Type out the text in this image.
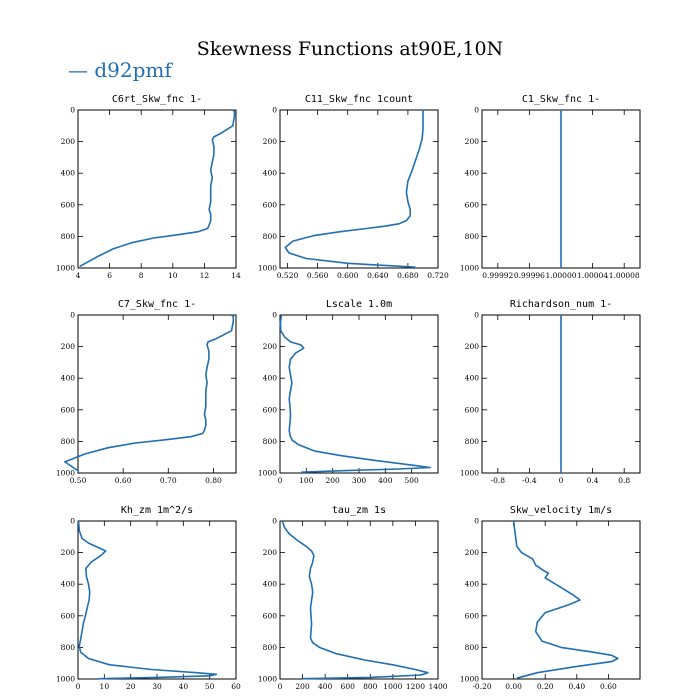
Skewness Functions at90E,10N
— d92pmf
C6rt_Skw_fnc 1-
4	6	8	10	12	14
0
200
400
600
800
1000
C11_Skw_fnc 1count
0.520 0.560 0.600 0.640 0.680 0.720
0
200
400
600
800
1000
C1_Skw_fnc 1-
0.99992 0.99996 1.00000 1.00004 1.00008
0
200
400
600
800
1000
C7_Skw_fnc 1-
0.50	0.60	0.70	0.80
0
200
400
600
800
1000
Lscale 1.0m
0 100 200 300 400 500
0
200
400
600
800
1000
Richardson_num 1-
-0.8 -0.4	0	0.4	0.8
0
200
400
600
800
1000
Kh_zm 1m^2/s
0	10 20 30 40 50 60
0
200
400
600
800
1000
tau_zm 1s
0 200 400 600 800 1000 1200 1400
0
200
400
600
800
1000
Skw_velocity 1m/s
-0.20 0.00 0.20 0.40 0.60
0
200
400
600
800
1000
